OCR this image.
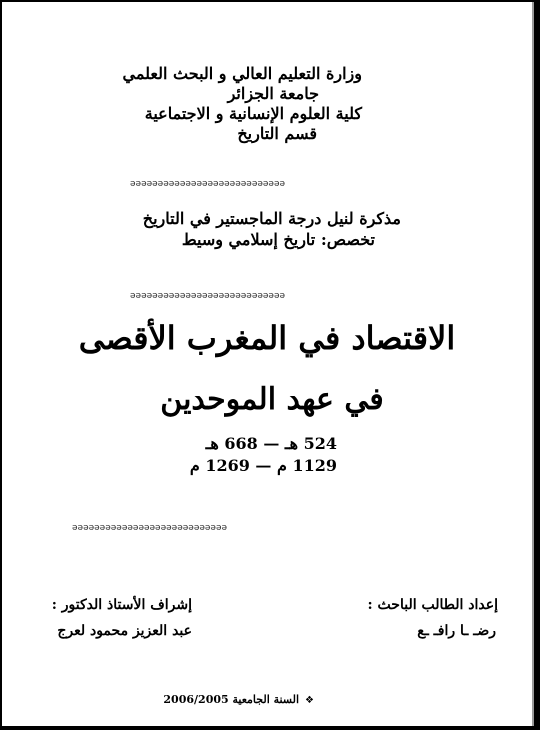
وزارة التعليم العالي و البحث العلمي
جامعة الجزائر
كلية العلوم الإنسانية و الاجتماعية
قسم التاريخ
ǝǝǝǝǝǝǝǝǝǝǝǝǝǝǝǝǝǝǝǝǝǝǝǝǝǝǝǝ
مذكرة لنيل درجة الماجستير في التاريخ
تخصص: تاريخ إسلامي وسيط
ǝǝǝǝǝǝǝǝǝǝǝǝǝǝǝǝǝǝǝǝǝǝǝǝǝǝǝǝ
الاقتصاد في المغرب الأقصى
في عهد الموحدين
524 هـ — 668 هـ
1129 م — 1269 م
ǝǝǝǝǝǝǝǝǝǝǝǝǝǝǝǝǝǝǝǝǝǝǝǝǝǝǝǝ
إعداد الطالب الباحث :
رضـ ـا رافـ ـع
إشراف الأستاذ الدكتور :
عبد العزيز محمود لعرج
❖السنة الجامعية 2006/2005
